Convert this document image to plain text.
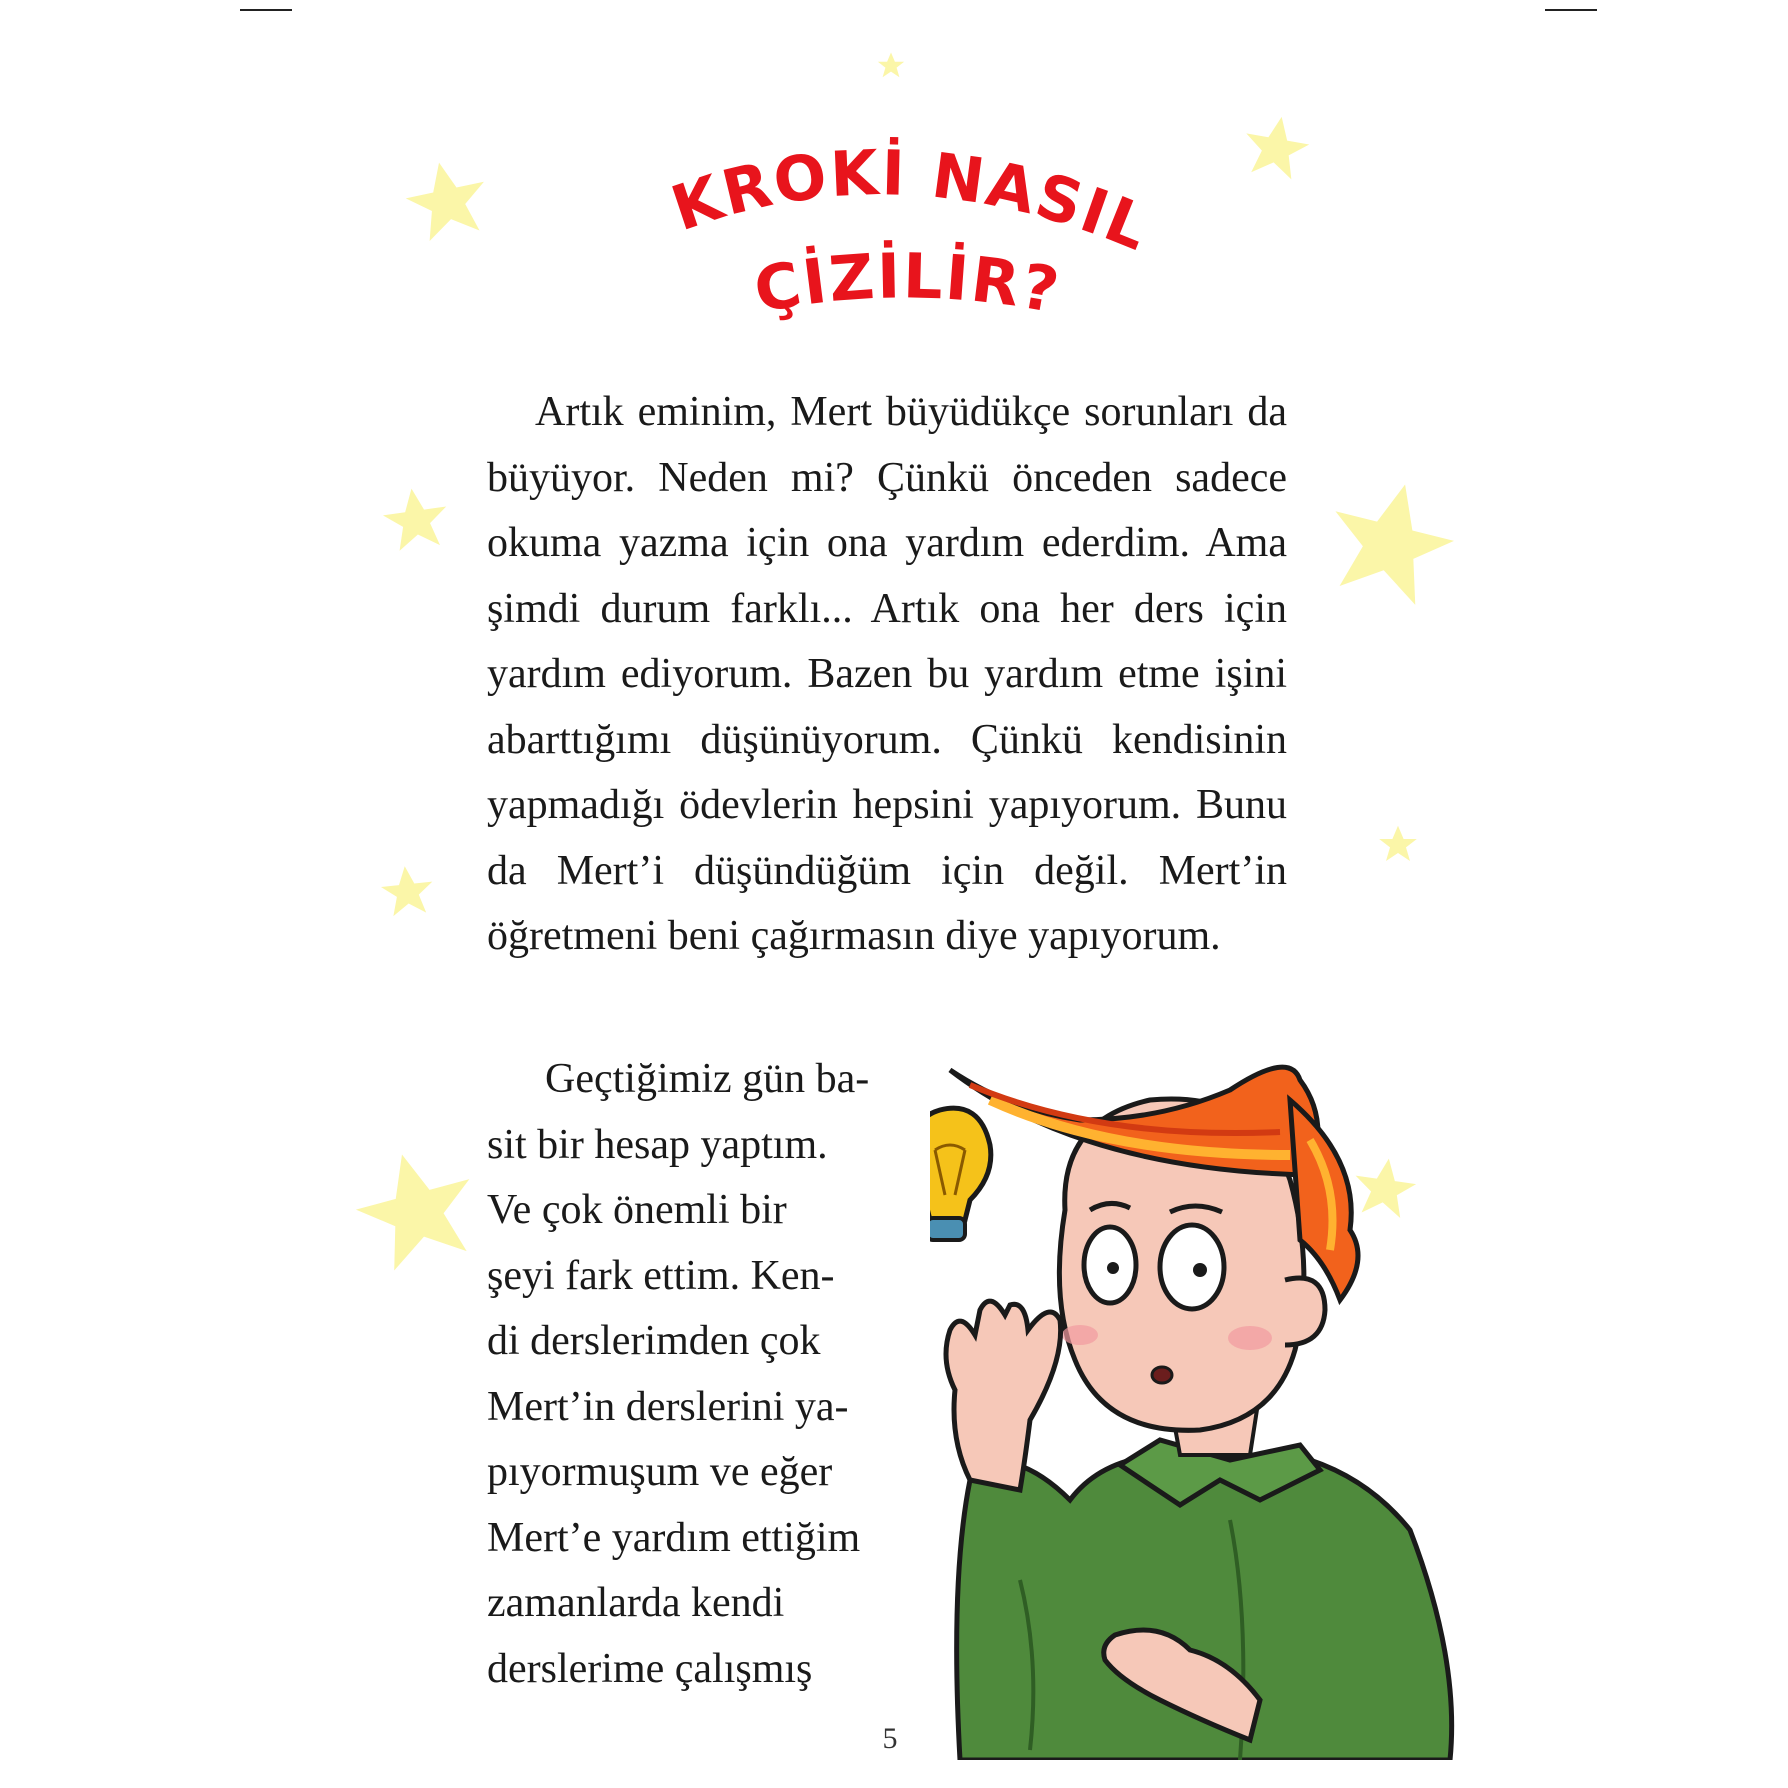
KROKİ NASIL
ÇİZİLİR?

Artık eminim, Mert büyüdükçe sorunları da büyüyor. Neden mi? Çünkü önceden sadece okuma yazma için ona yardım ederdim. Ama şimdi durum farklı... Artık ona her ders için yardım ediyorum. Bazen bu yardım etme işini abarttığımı düşünüyorum. Çünkü kendisinin yapmadığı ödevlerin hepsini yapıyorum. Bunu da Mert’i düşündüğüm için değil. Mert’in öğretmeni beni çağırmasın diye yapıyorum.

Geçtiğimiz gün ba-
sit bir hesap yaptım.
Ve çok önemli bir
şeyi fark ettim. Ken-
di derslerimden çok
Mert’in derslerini ya-
pıyormuşum ve eğer
Mert’e yardım ettiğim
zamanlarda kendi
derslerime çalışmış
5
